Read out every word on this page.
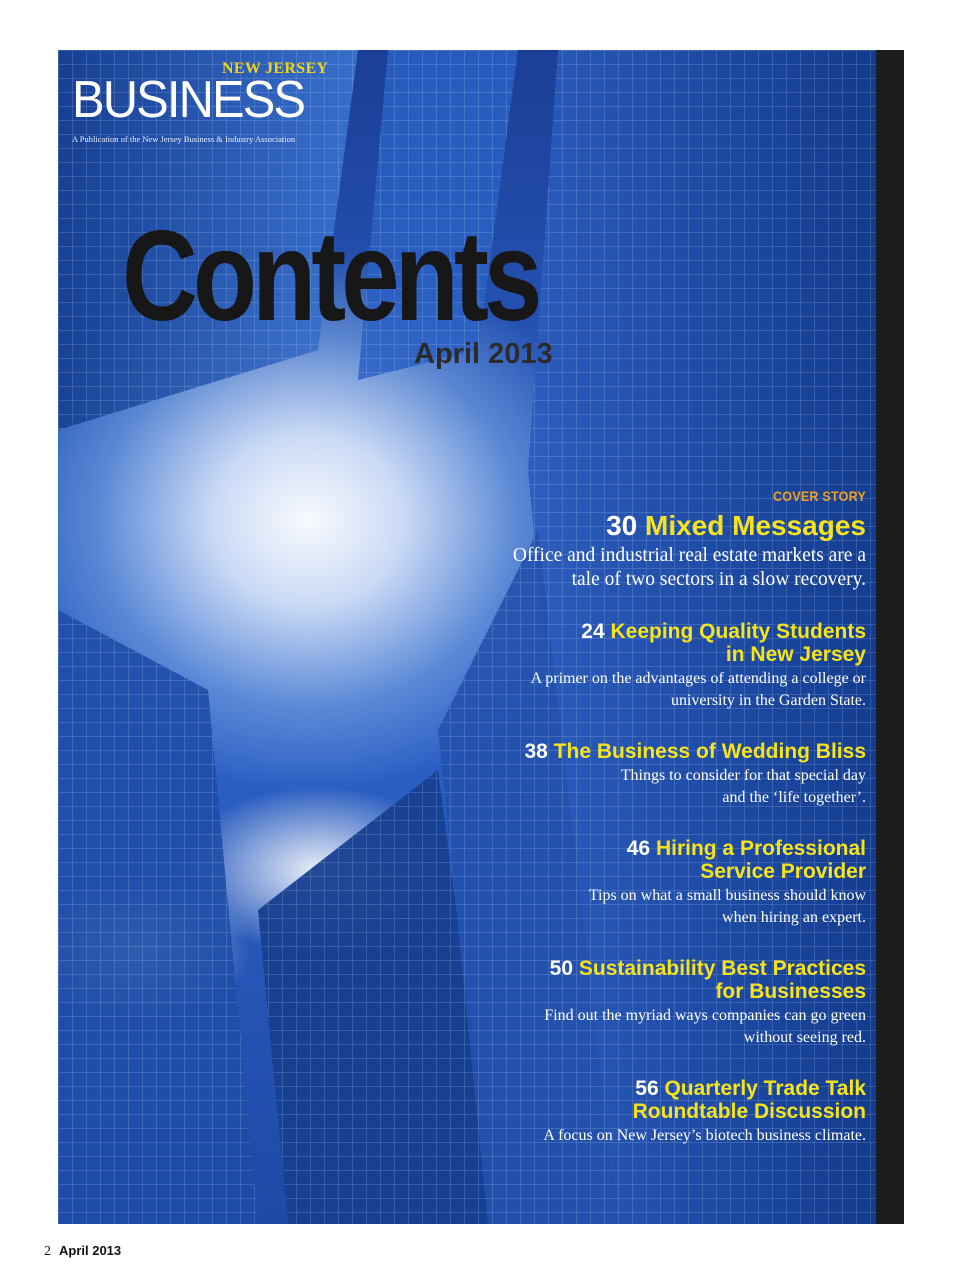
NEW JERSEY
BUSINESS
A Publication of the New Jersey Business & Industry Association
Contents
April 2013
COVER STORY
30 Mixed Messages
Office and industrial real estate markets are a
tale of two sectors in a slow recovery.
24 Keeping Quality Students
in New Jersey
A primer on the advantages of attending a college or
university in the Garden State.
38 The Business of Wedding Bliss
Things to consider for that special day
and the ‘life together’.
46 Hiring a Professional
Service Provider
Tips on what a small business should know
when hiring an expert.
50 Sustainability Best Practices
for Businesses
Find out the myriad ways companies can go green
without seeing red.
56 Quarterly Trade Talk
Roundtable Discussion
A focus on New Jersey’s biotech business climate.
2 April 2013
